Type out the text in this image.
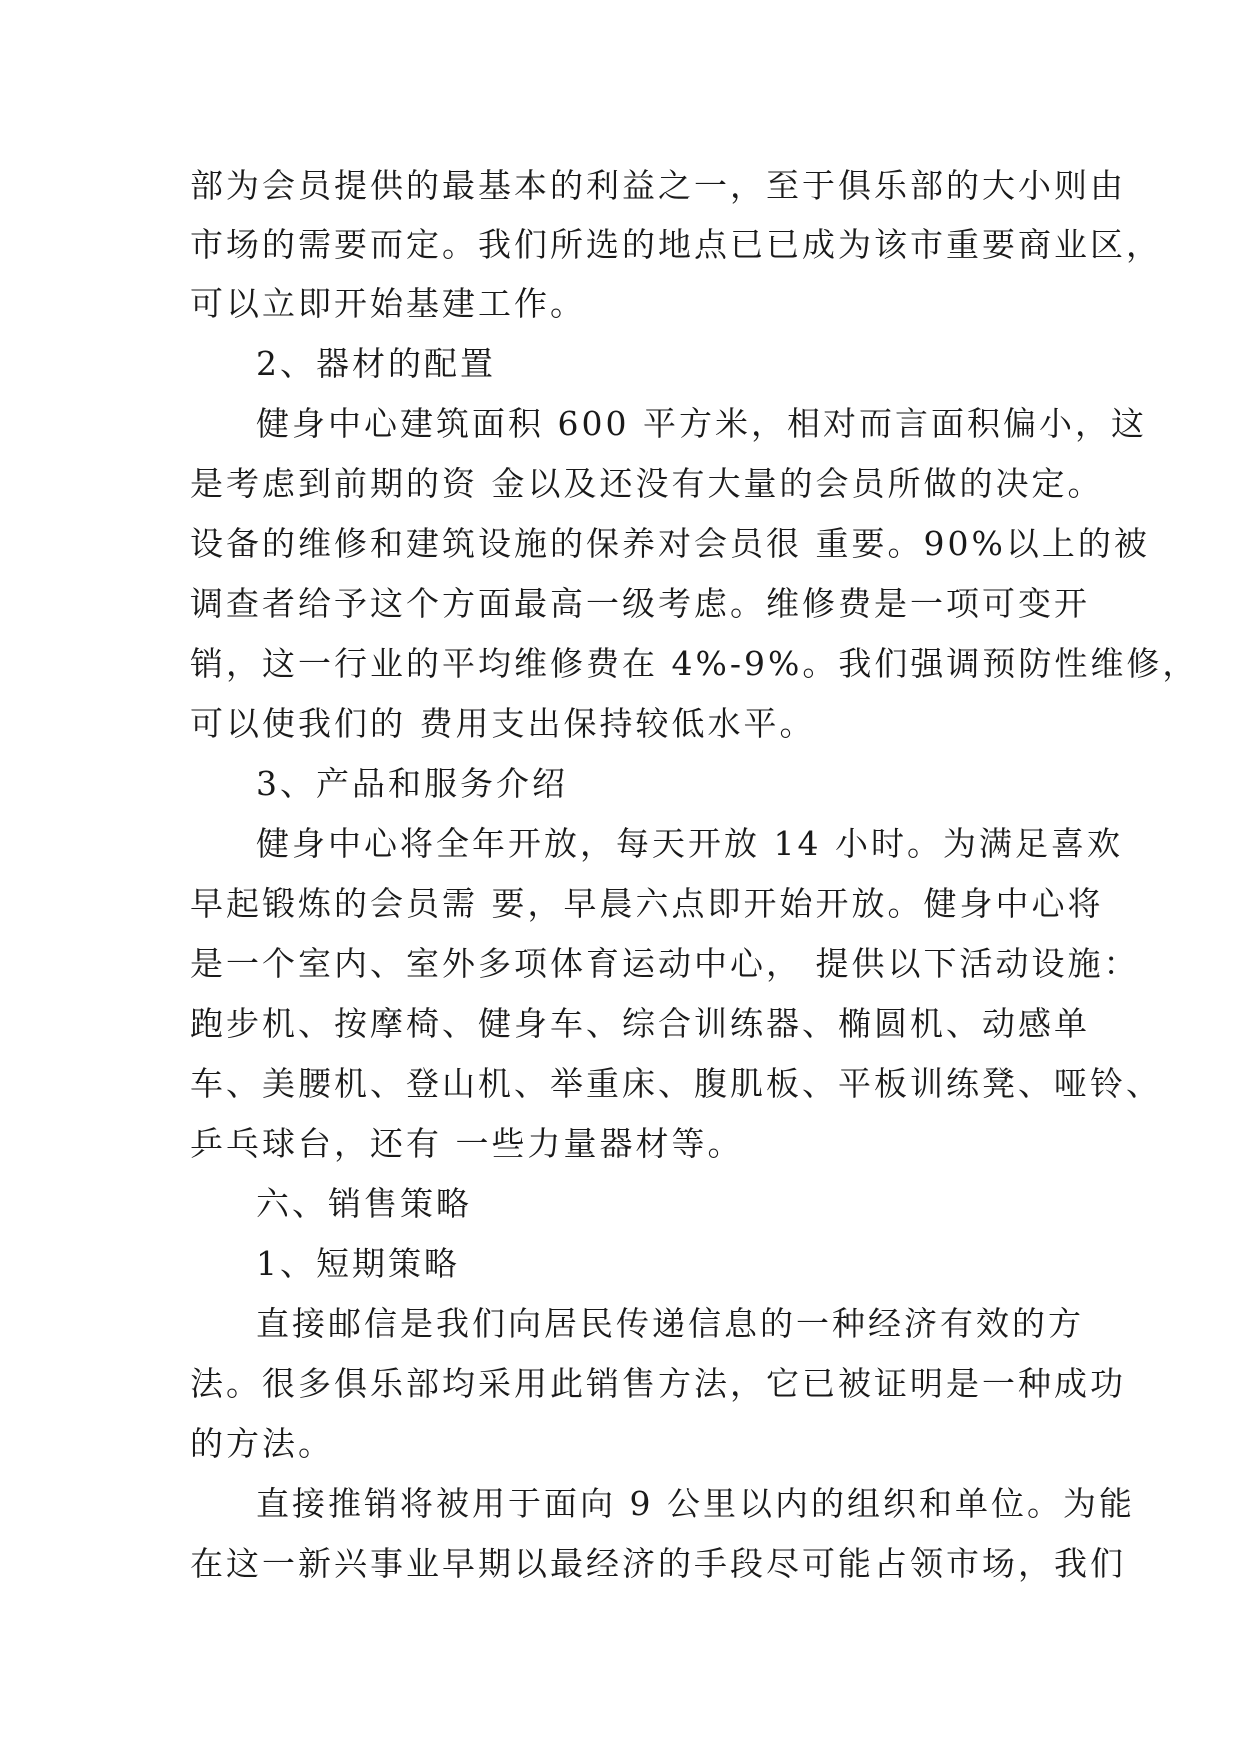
部为会员提供的最基本的利益之一，至于俱乐部的大小则由
市场的需要而定。我们所选的地点已已成为该市重要商业区，
可以立即开始基建工作。
2、器材的配置
健身中心建筑面积 600 平方米，相对而言面积偏小，这
是考虑到前期的资 金以及还没有大量的会员所做的决定。
设备的维修和建筑设施的保养对会员很 重要。90%以上的被
调查者给予这个方面最高一级考虑。维修费是一项可变开
销，这一行业的平均维修费在 4%-9%。我们强调预防性维修，
可以使我们的 费用支出保持较低水平。
3、产品和服务介绍
健身中心将全年开放，每天开放 14 小时。为满足喜欢
早起锻炼的会员需 要，早晨六点即开始开放。健身中心将
是一个室内、室外多项体育运动中心， 提供以下活动设施：
跑步机、按摩椅、健身车、综合训练器、椭圆机、动感单
车、美腰机、登山机、举重床、腹肌板、平板训练凳、哑铃、
乒乓球台，还有 一些力量器材等。
六、销售策略
1、短期策略
直接邮信是我们向居民传递信息的一种经济有效的方
法。很多俱乐部均采用此销售方法，它已被证明是一种成功
的方法。
直接推销将被用于面向 9 公里以内的组织和单位。为能
在这一新兴事业早期以最经济的手段尽可能占领市场，我们
